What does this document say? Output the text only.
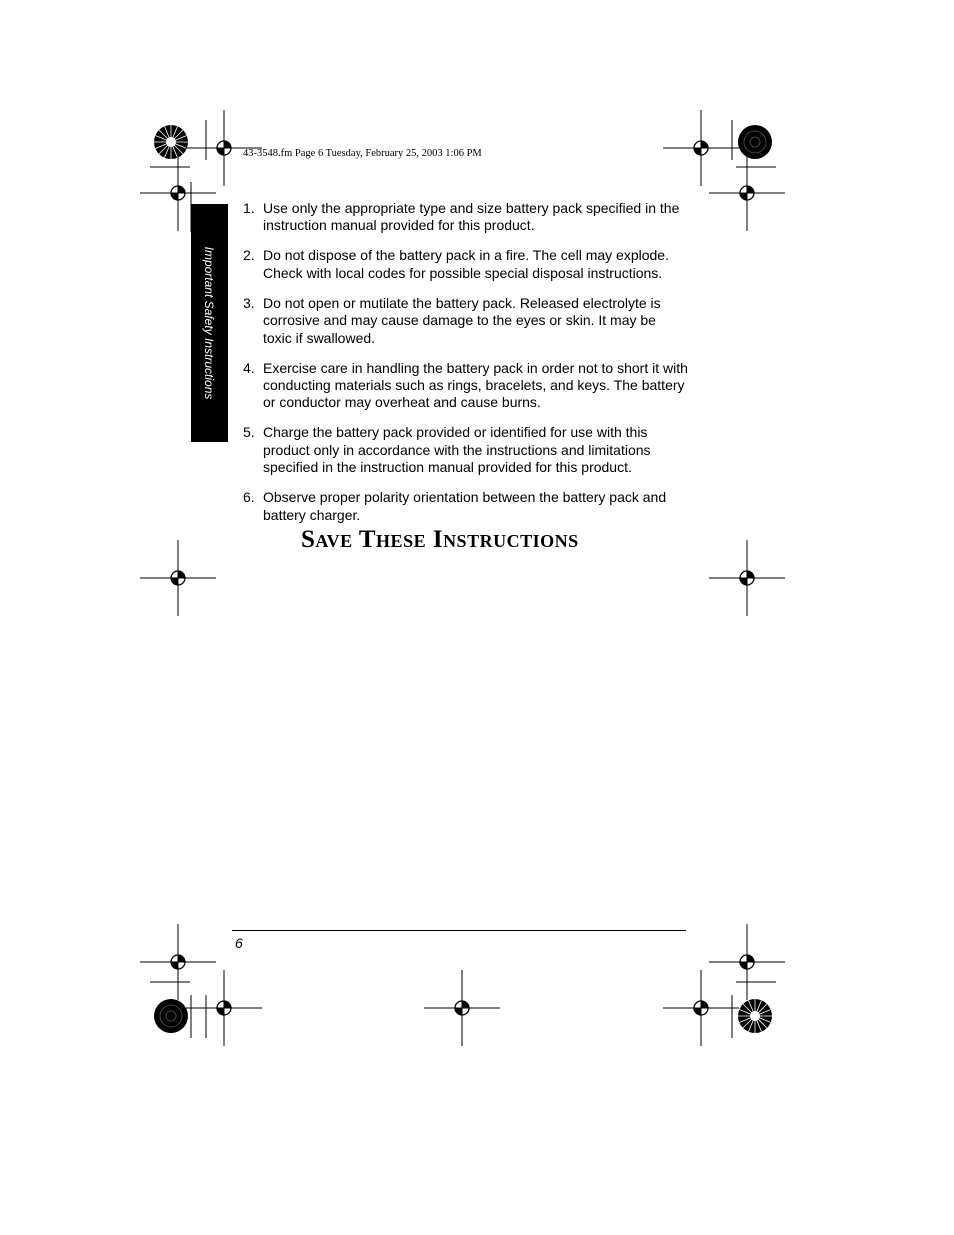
43-3548.fm Page 6 Tuesday, February 25, 2003 1:06 PM
Important Safety Instructions
1. Use only the appropriate type and size battery pack specified in the instruction manual provided for this product.
2. Do not dispose of the battery pack in a fire. The cell may explode. Check with local codes for possible special disposal instructions.
3. Do not open or mutilate the battery pack. Released electrolyte is corrosive and may cause damage to the eyes or skin. It may be toxic if swallowed.
4. Exercise care in handling the battery pack in order not to short it with conducting materials such as rings, bracelets, and keys. The battery or conductor may overheat and cause burns.
5. Charge the battery pack provided or identified for use with this product only in accordance with the instructions and limitations specified in the instruction manual provided for this product.
6. Observe proper polarity orientation between the battery pack and battery charger.
Save These Instructions
6
